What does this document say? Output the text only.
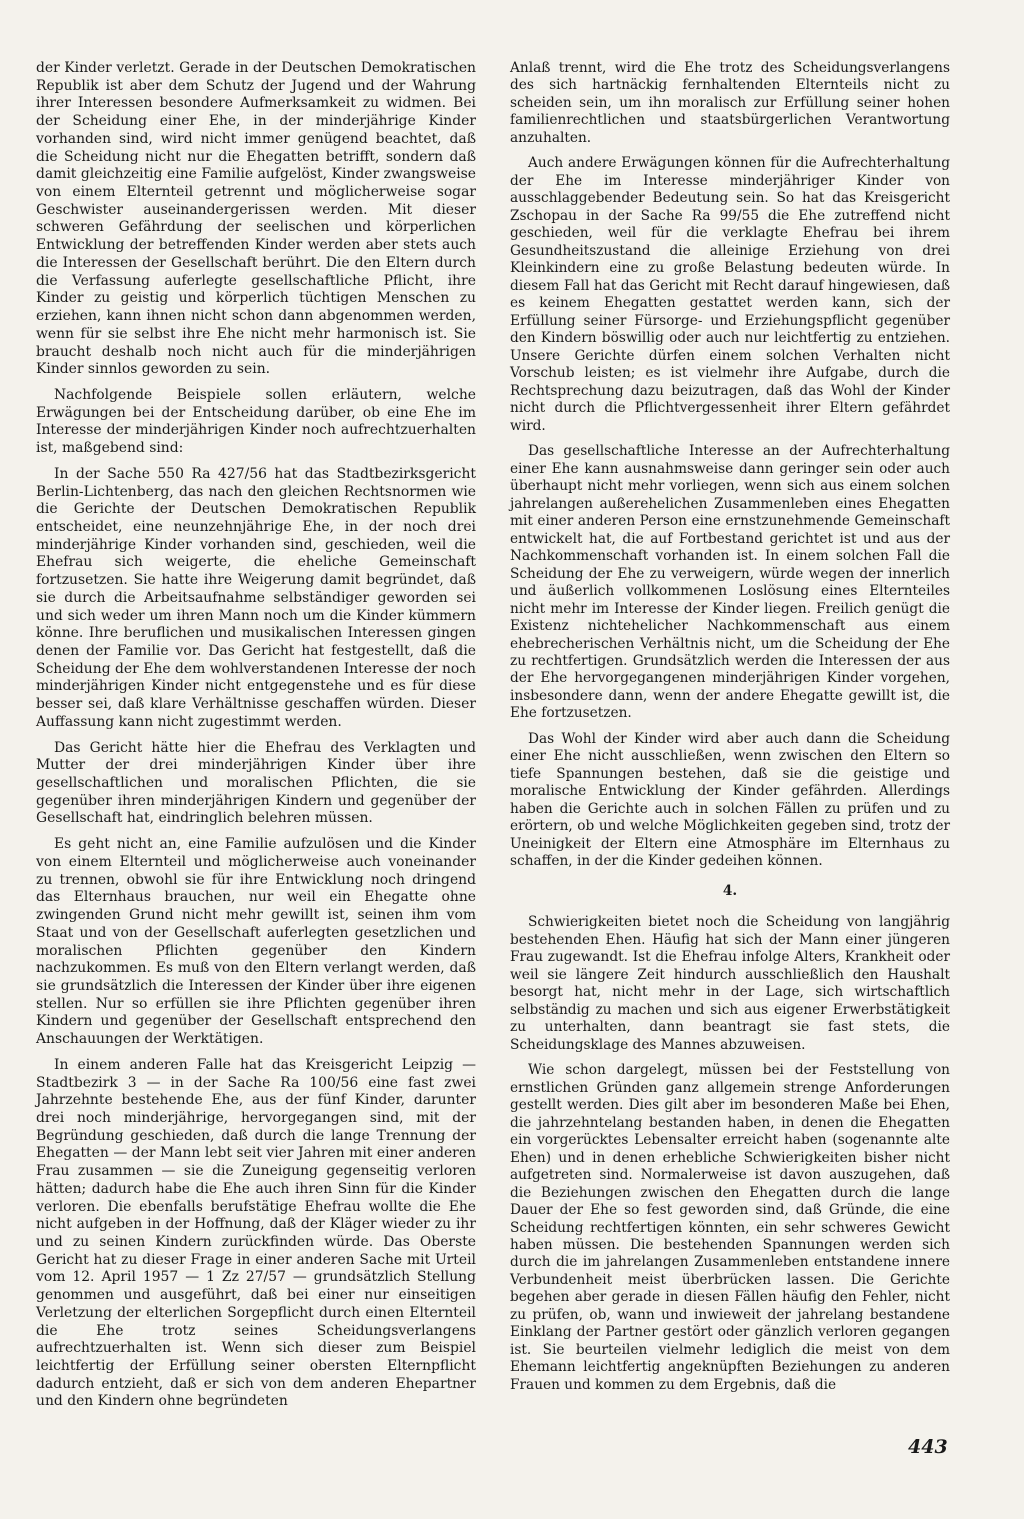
der Kinder verletzt. Gerade in der Deutschen Demokratischen Republik ist aber dem Schutz der Jugend und der Wahrung ihrer Interessen besondere Aufmerksamkeit zu widmen. Bei der Scheidung einer Ehe, in der minderjährige Kinder vorhanden sind, wird nicht immer genügend beachtet, daß die Scheidung nicht nur die Ehegatten betrifft, sondern daß damit gleichzeitig eine Familie aufgelöst, Kinder zwangsweise von einem Elternteil getrennt und möglicherweise sogar Geschwister auseinandergerissen werden. Mit dieser schweren Gefährdung der seelischen und körperlichen Entwicklung der betreffenden Kinder werden aber stets auch die Interessen der Gesellschaft berührt. Die den Eltern durch die Verfassung auferlegte gesellschaftliche Pflicht, ihre Kinder zu geistig und körperlich tüchtigen Menschen zu erziehen, kann ihnen nicht schon dann abgenommen werden, wenn für sie selbst ihre Ehe nicht mehr harmonisch ist. Sie braucht deshalb noch nicht auch für die minderjährigen Kinder sinnlos geworden zu sein.

Nachfolgende Beispiele sollen erläutern, welche Erwägungen bei der Entscheidung darüber, ob eine Ehe im Interesse der minderjährigen Kinder noch aufrechtzuerhalten ist, maßgebend sind:

In der Sache 550 Ra 427/56 hat das Stadtbezirksgericht Berlin-Lichtenberg, das nach den gleichen Rechtsnormen wie die Gerichte der Deutschen Demokratischen Republik entscheidet, eine neunzehnjährige Ehe, in der noch drei minderjährige Kinder vorhanden sind, geschieden, weil die Ehefrau sich weigerte, die eheliche Gemeinschaft fortzusetzen. Sie hatte ihre Weigerung damit begründet, daß sie durch die Arbeitsaufnahme selbständiger geworden sei und sich weder um ihren Mann noch um die Kinder kümmern könne. Ihre beruflichen und musikalischen Interessen gingen denen der Familie vor. Das Gericht hat festgestellt, daß die Scheidung der Ehe dem wohlverstandenen Interesse der noch minderjährigen Kinder nicht entgegenstehe und es für diese besser sei, daß klare Verhältnisse geschaffen würden. Dieser Auffassung kann nicht zugestimmt werden.

Das Gericht hätte hier die Ehefrau des Verklagten und Mutter der drei minderjährigen Kinder über ihre gesellschaftlichen und moralischen Pflichten, die sie gegenüber ihren minderjährigen Kindern und gegenüber der Gesellschaft hat, eindringlich belehren müssen.

Es geht nicht an, eine Familie aufzulösen und die Kinder von einem Elternteil und möglicherweise auch voneinander zu trennen, obwohl sie für ihre Entwicklung noch dringend das Elternhaus brauchen, nur weil ein Ehegatte ohne zwingenden Grund nicht mehr gewillt ist, seinen ihm vom Staat und von der Gesellschaft auferlegten gesetzlichen und moralischen Pflichten gegenüber den Kindern nachzukommen. Es muß von den Eltern verlangt werden, daß sie grundsätzlich die Interessen der Kinder über ihre eigenen stellen. Nur so erfüllen sie ihre Pflichten gegenüber ihren Kindern und gegenüber der Gesellschaft entsprechend den Anschauungen der Werktätigen.

In einem anderen Falle hat das Kreisgericht Leipzig — Stadtbezirk 3 — in der Sache Ra 100/56 eine fast zwei Jahrzehnte bestehende Ehe, aus der fünf Kinder, darunter drei noch minderjährige, hervorgegangen sind, mit der Begründung geschieden, daß durch die lange Trennung der Ehegatten — der Mann lebt seit vier Jahren mit einer anderen Frau zusammen — sie die Zuneigung gegenseitig verloren hätten; dadurch habe die Ehe auch ihren Sinn für die Kinder verloren. Die ebenfalls berufstätige Ehefrau wollte die Ehe nicht aufgeben in der Hoffnung, daß der Kläger wieder zu ihr und zu seinen Kindern zurückfinden würde. Das Oberste Gericht hat zu dieser Frage in einer anderen Sache mit Urteil vom 12. April 1957 — 1 Zz 27/57 — grundsätzlich Stellung genommen und ausgeführt, daß bei einer nur einseitigen Verletzung der elterlichen Sorgepflicht durch einen Elternteil die Ehe trotz seines Scheidungsverlangens aufrechtzuerhalten ist. Wenn sich dieser zum Beispiel leichtfertig der Erfüllung seiner obersten Elternpflicht dadurch entzieht, daß er sich von dem anderen Ehepartner und den Kindern ohne begründeten

Anlaß trennt, wird die Ehe trotz des Scheidungsverlangens des sich hartnäckig fernhaltenden Elternteils nicht zu scheiden sein, um ihn moralisch zur Erfüllung seiner hohen familienrechtlichen und staatsbürgerlichen Verantwortung anzuhalten.

Auch andere Erwägungen können für die Aufrechterhaltung der Ehe im Interesse minderjähriger Kinder von ausschlaggebender Bedeutung sein. So hat das Kreisgericht Zschopau in der Sache Ra 99/55 die Ehe zutreffend nicht geschieden, weil für die verklagte Ehefrau bei ihrem Gesundheitszustand die alleinige Erziehung von drei Kleinkindern eine zu große Belastung bedeuten würde. In diesem Fall hat das Gericht mit Recht darauf hingewiesen, daß es keinem Ehegatten gestattet werden kann, sich der Erfüllung seiner Fürsorge- und Erziehungspflicht gegenüber den Kindern böswillig oder auch nur leichtfertig zu entziehen. Unsere Gerichte dürfen einem solchen Verhalten nicht Vorschub leisten; es ist vielmehr ihre Aufgabe, durch die Rechtsprechung dazu beizutragen, daß das Wohl der Kinder nicht durch die Pflichtvergessenheit ihrer Eltern gefährdet wird.

Das gesellschaftliche Interesse an der Aufrechterhaltung einer Ehe kann ausnahmsweise dann geringer sein oder auch überhaupt nicht mehr vorliegen, wenn sich aus einem solchen jahrelangen außerehelichen Zusammenleben eines Ehegatten mit einer anderen Person eine ernstzunehmende Gemeinschaft entwickelt hat, die auf Fortbestand gerichtet ist und aus der Nachkommenschaft vorhanden ist. In einem solchen Fall die Scheidung der Ehe zu verweigern, würde wegen der innerlich und äußerlich vollkommenen Loslösung eines Elternteiles nicht mehr im Interesse der Kinder liegen. Freilich genügt die Existenz nichtehelicher Nachkommenschaft aus einem ehebrecherischen Verhältnis nicht, um die Scheidung der Ehe zu rechtfertigen. Grundsätzlich werden die Interessen der aus der Ehe hervorgegangenen minderjährigen Kinder vorgehen, insbesondere dann, wenn der andere Ehegatte gewillt ist, die Ehe fortzusetzen.

Das Wohl der Kinder wird aber auch dann die Scheidung einer Ehe nicht ausschließen, wenn zwischen den Eltern so tiefe Spannungen bestehen, daß sie die geistige und moralische Entwicklung der Kinder gefährden. Allerdings haben die Gerichte auch in solchen Fällen zu prüfen und zu erörtern, ob und welche Möglichkeiten gegeben sind, trotz der Uneinigkeit der Eltern eine Atmosphäre im Elternhaus zu schaffen, in der die Kinder gedeihen können.

4.

Schwierigkeiten bietet noch die Scheidung von langjährig bestehenden Ehen. Häufig hat sich der Mann einer jüngeren Frau zugewandt. Ist die Ehefrau infolge Alters, Krankheit oder weil sie längere Zeit hindurch ausschließlich den Haushalt besorgt hat, nicht mehr in der Lage, sich wirtschaftlich selbständig zu machen und sich aus eigener Erwerbstätigkeit zu unterhalten, dann beantragt sie fast stets, die Scheidungsklage des Mannes abzuweisen.

Wie schon dargelegt, müssen bei der Feststellung von ernstlichen Gründen ganz allgemein strenge Anforderungen gestellt werden. Dies gilt aber im besonderen Maße bei Ehen, die jahrzehntelang bestanden haben, in denen die Ehegatten ein vorgerücktes Lebensalter erreicht haben (sogenannte alte Ehen) und in denen erhebliche Schwierigkeiten bisher nicht aufgetreten sind. Normalerweise ist davon auszugehen, daß die Beziehungen zwischen den Ehegatten durch die lange Dauer der Ehe so fest geworden sind, daß Gründe, die eine Scheidung rechtfertigen könnten, ein sehr schweres Gewicht haben müssen. Die bestehenden Spannungen werden sich durch die im jahrelangen Zusammenleben entstandene innere Verbundenheit meist überbrücken lassen. Die Gerichte begehen aber gerade in diesen Fällen häufig den Fehler, nicht zu prüfen, ob, wann und inwieweit der jahrelang bestandene Einklang der Partner gestört oder gänzlich verloren gegangen ist. Sie beurteilen vielmehr lediglich die meist von dem Ehemann leichtfertig angeknüpften Beziehungen zu anderen Frauen und kommen zu dem Ergebnis, daß die

443
